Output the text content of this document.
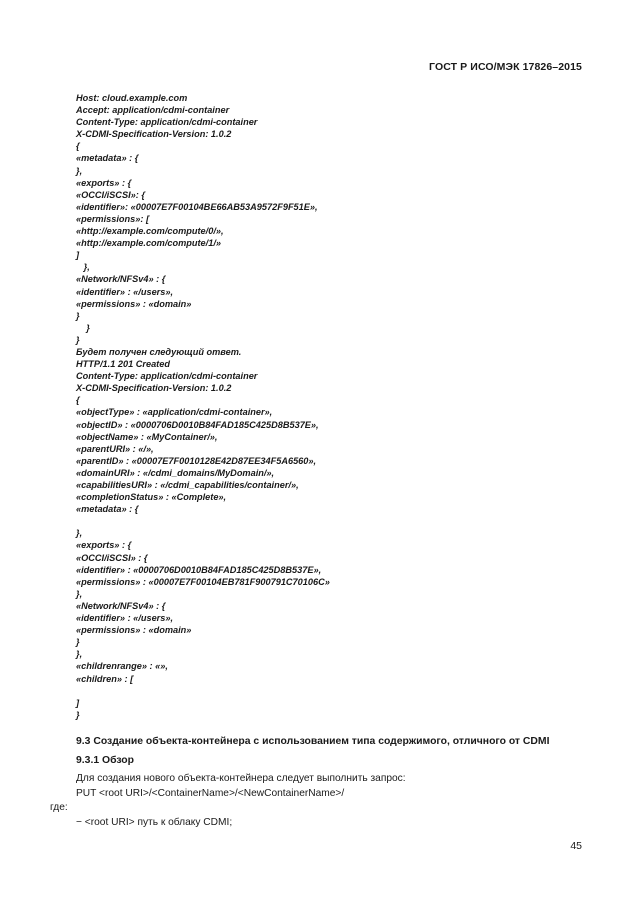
ГОСТ Р ИСО/МЭК 17826–2015
Host: cloud.example.com
Accept: application/cdmi-container
Content-Type: application/cdmi-container
X-CDMI-Specification-Version: 1.0.2
{
«metadata» : {
},
«exports» : {
«OCCI/iSCSI»: {
«identifier»: «00007E7F00104BE66AB53A9572F9F51E»,
«permissions»: [
«http://example.com/compute/0/»,
«http://example.com/compute/1/»
]
},
«Network/NFSv4» : {
«identifier» : «/users»,
«permissions» : «domain»
}
}
}
Будет получен следующий ответ.
HTTP/1.1 201 Created
Content-Type: application/cdmi-container
X-CDMI-Specification-Version: 1.0.2
{
«objectType» : «application/cdmi-container»,
«objectID» : «0000706D0010B84FAD185C425D8B537E»,
«objectName» : «MyContainer/»,
«parentURI» : «/»,
«parentID» : «00007E7F0010128E42D87EE34F5A6560»,
«domainURI» : «/cdmi_domains/MyDomain/»,
«capabilitiesURI» : «/cdmi_capabilities/container/»,
«completionStatus» : «Complete»,
«metadata» : {
},
«exports» : {
«OCCI/iSCSI» : {
«identifier» : «0000706D0010B84FAD185C425D8B537E»,
«permissions» : «00007E7F00104EB781F900791C70106C»
},
«Network/NFSv4» : {
«identifier» : «/users»,
«permissions» : «domain»
}
},
«childrenrange» : «»,
«children» : [
]
}
9.3 Создание объекта-контейнера с использованием типа содержимого, отличного от CDMI
9.3.1 Обзор
Для создания нового объекта-контейнера следует выполнить запрос:
PUT <root URI>/<ContainerName>/<NewContainerName>/
где:
− <root URI> путь к облаку CDMI;
45
